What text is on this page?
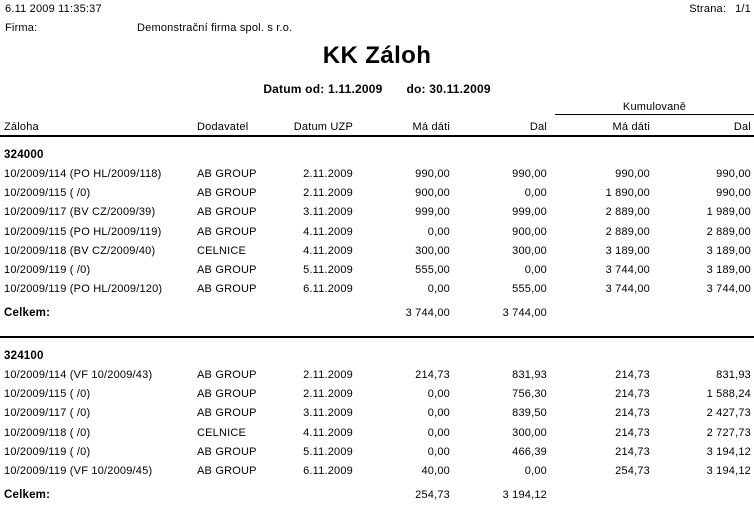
6.11 2009 11:35:37	Strana: 1/1
Firma:	Demonstrační firma spol. s r.o.
KK Záloh
Datum od: 1.11.2009 do: 30.11.2009

					Kumulovaně	

Záloha	Dodavatel	Datum UZP	Má dáti	Dal	Má dáti	Dal
324000						
10/2009/114 (PO HL/2009/118)	AB GROUP	2.11.2009	990,00	990,00	990,00	990,00
10/2009/115 ( /0)	AB GROUP	2.11.2009	900,00	0,00	1 890,00	990,00
10/2009/117 (BV CZ/2009/39)	AB GROUP	3.11.2009	999,00	999,00	2 889,00	1 989,00
10/2009/115 (PO HL/2009/119)	AB GROUP	4.11.2009	0,00	900,00	2 889,00	2 889,00
10/2009/118 (BV CZ/2009/40)	CELNICE	4.11.2009	300,00	300,00	3 189,00	3 189,00
10/2009/119 ( /0)	AB GROUP	5.11.2009	555,00	0,00	3 744,00	3 189,00
10/2009/119 (PO HL/2009/120)	AB GROUP	6.11.2009	0,00	555,00	3 744,00	3 744,00
Celkem:			3 744,00	3 744,00		
324100						
10/2009/114 (VF 10/2009/43)	AB GROUP	2.11.2009	214,73	831,93	214,73	831,93
10/2009/115 ( /0)	AB GROUP	2.11.2009	0,00	756,30	214,73	1 588,24
10/2009/117 ( /0)	AB GROUP	3.11.2009	0,00	839,50	214,73	2 427,73
10/2009/118 ( /0)	CELNICE	4.11.2009	0,00	300,00	214,73	2 727,73
10/2009/119 ( /0)	AB GROUP	5.11.2009	0,00	466,39	214,73	3 194,12
10/2009/119 (VF 10/2009/45)	AB GROUP	6.11.2009	40,00	0,00	254,73	3 194,12
Celkem:			254,73	3 194,12		
